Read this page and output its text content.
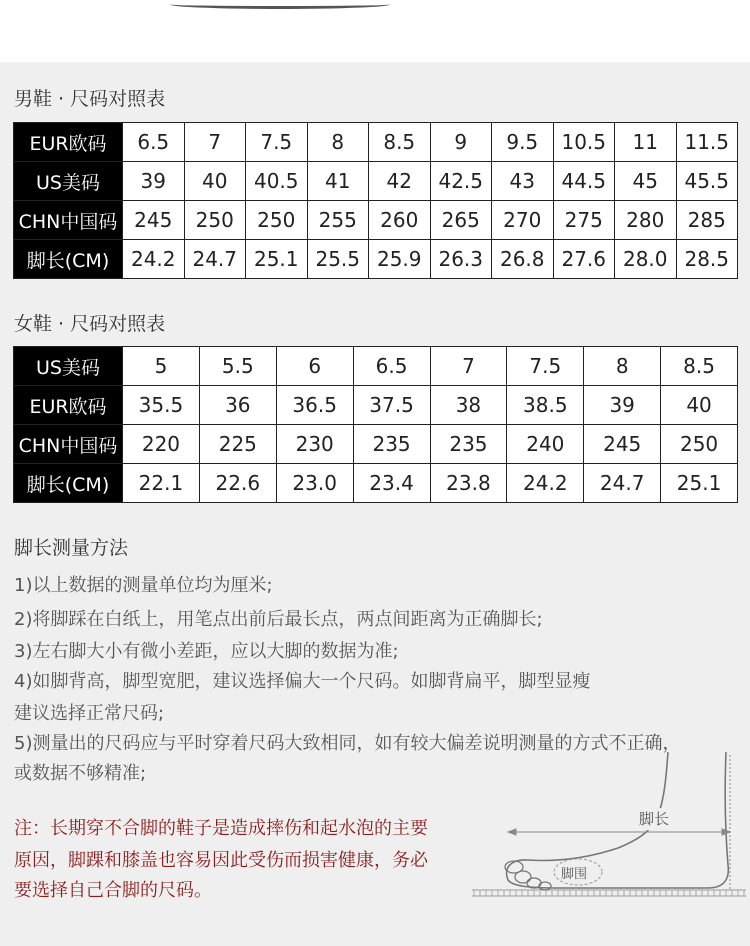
男鞋 · 尺码对照表
EUR欧码	6.5	7	7.5	8	8.5	9	9.5	10.5	11	11.5
US美码	39	40	40.5	41	42	42.5	43	44.5	45	45.5
CHN中国码	245	250	250	255	260	265	270	275	280	285
脚长(CM)	24.2	24.7	25.1	25.5	25.9	26.3	26.8	27.6	28.0	28.5
女鞋 · 尺码对照表
US美码	5	5.5	6	6.5	7	7.5	8	8.5
EUR欧码	35.5	36	36.5	37.5	38	38.5	39	40
CHN中国码	220	225	230	235	235	240	245	250
脚长(CM)	22.1	22.6	23.0	23.4	23.8	24.2	24.7	25.1
脚长测量方法
1)以上数据的测量单位均为厘米;
2)将脚踩在白纸上，用笔点出前后最长点，两点间距离为正确脚长;
3)左右脚大小有微小差距，应以大脚的数据为准;
4)如脚背高，脚型宽肥，建议选择偏大一个尺码。如脚背扁平，脚型显瘦
建议选择正常尺码;
5)测量出的尺码应与平时穿着尺码大致相同，如有较大偏差说明测量的方式不正确，
或数据不够精准;
注：长期穿不合脚的鞋子是造成摔伤和起水泡的主要
原因，脚踝和膝盖也容易因此受伤而损害健康，务必
要选择自己合脚的尺码。
脚长
脚围
